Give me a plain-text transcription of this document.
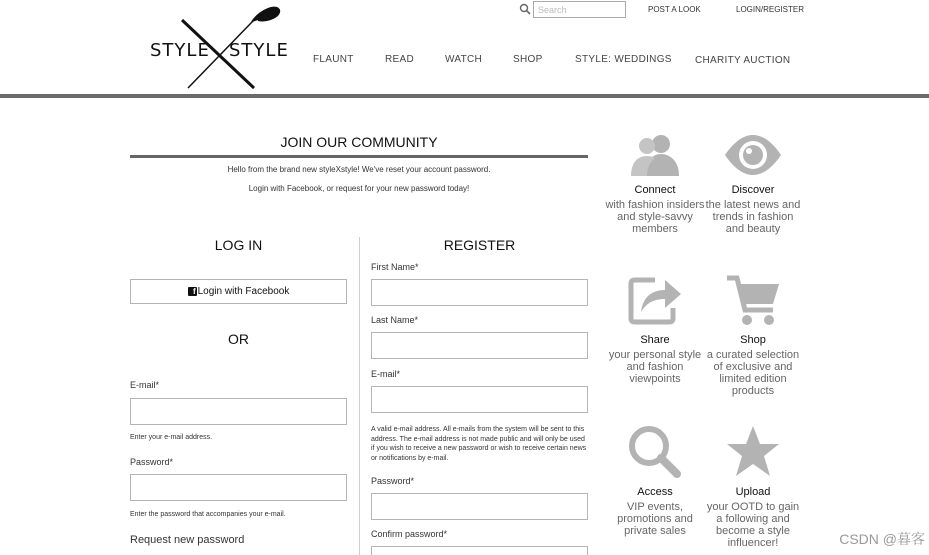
STYLE STYLE
Search
POST A LOOK	LOGIN/REGISTER
FLAUNT	READ	WATCH	SHOP	STYLE: WEDDINGS CHARITY AUCTION
JOIN OUR COMMUNITY
Hello from the brand new styleXstyle! We've reset your account password.
Login with Facebook, or request for your new password today!
LOG IN
f Login with Facebook
OR
E-mail*
Enter your e-mail address.
Password*
Enter the password that accompanies your e-mail.
Request new password
REGISTER
First Name*
Last Name*
E-mail*
A valid e-mail address. All e-mails from the system will be sent to this address. The e-mail address is not made public and will only be used if you wish to receive a new password or wish to receive certain news or notifications by e-mail.
Password*
Confirm password*
Connect
with fashion insiders and style-savvy members
Discover
the latest news and trends in fashion and beauty
Share
your personal style and fashion viewpoints
Shop
a curated selection of exclusive and limited edition products
Access
VIP events, promotions and private sales
Upload
your OOTD to gain a following and become a style influencer!	CSDN @暮客
